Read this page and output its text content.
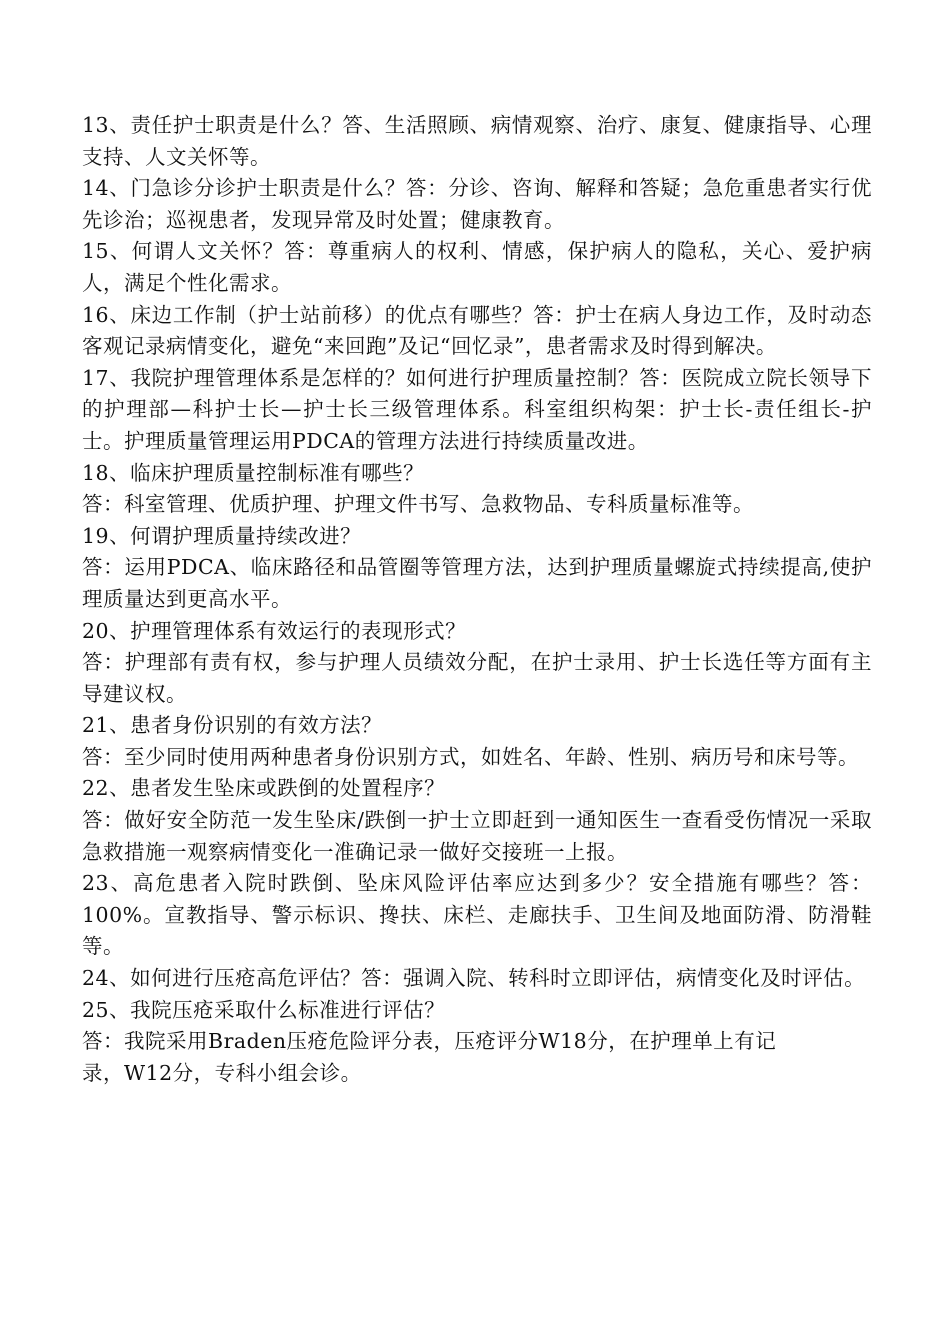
13、责任护士职责是什么？答、生活照顾、病情观察、治疗、康复、健康指导、心理支持、人文关怀等。

14、门急诊分诊护士职责是什么？答：分诊、咨询、解释和答疑；急危重患者实行优先诊治；巡视患者，发现异常及时处置；健康教育。

15、何谓人文关怀？答：尊重病人的权利、情感，保护病人的隐私，关心、爱护病人，满足个性化需求。

16、床边工作制（护士站前移）的优点有哪些？答：护士在病人身边工作，及时动态客观记录病情变化，避免“来回跑”及记“回忆录”，患者需求及时得到解决。

17、我院护理管理体系是怎样的？如何进行护理质量控制？答：医院成立院长领导下的护理部—科护士长—护士长三级管理体系。科室组织构架：护士长-责任组长-护士。护理质量管理运用PDCA的管理方法进行持续质量改进。

18、临床护理质量控制标准有哪些？

答：科室管理、优质护理、护理文件书写、急救物品、专科质量标准等。

19、何谓护理质量持续改进？

答：运用PDCA、临床路径和品管圈等管理方法，达到护理质量螺旋式持续提高,使护理质量达到更高水平。

20、护理管理体系有效运行的表现形式？

答：护理部有责有权，参与护理人员绩效分配，在护士录用、护士长选任等方面有主导建议权。

21、患者身份识别的有效方法？

答：至少同时使用两种患者身份识别方式，如姓名、年龄、性别、病历号和床号等。

22、患者发生坠床或跌倒的处置程序？

答：做好安全防范一发生坠床/跌倒一护士立即赶到一通知医生一查看受伤情况一采取急救措施一观察病情变化一准确记录一做好交接班一上报。

23、高危患者入院时跌倒、坠床风险评估率应达到多少？安全措施有哪些？答：100%。宣教指导、警示标识、搀扶、床栏、走廊扶手、卫生间及地面防滑、防滑鞋等。

24、如何进行压疮高危评估？答：强调入院、转科时立即评估，病情变化及时评估。

25、我院压疮采取什么标准进行评估？

答：我院采用Braden压疮危险评分表，压疮评分W18分，在护理单上有记

录，W12分，专科小组会诊。
